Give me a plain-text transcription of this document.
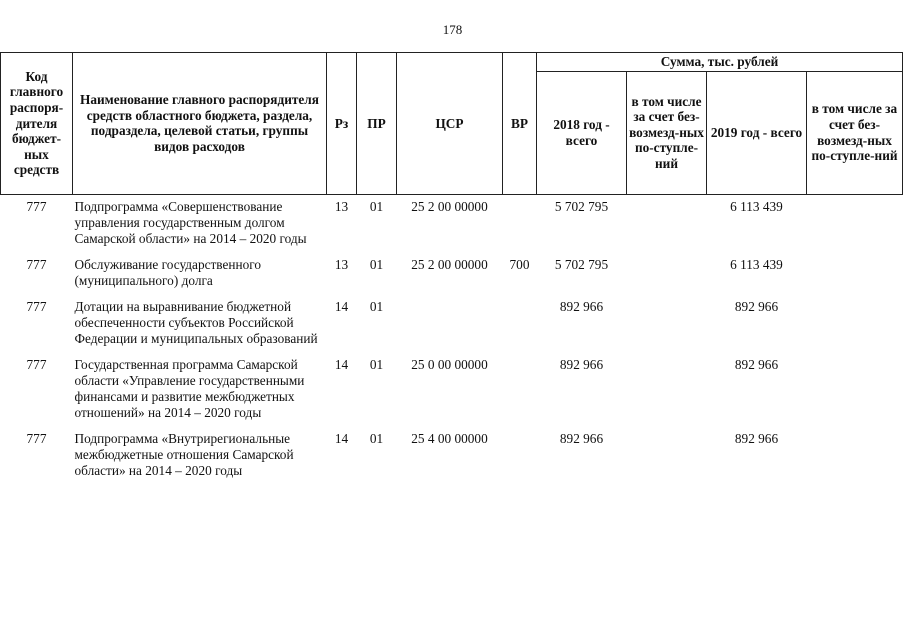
178
Код главного распоря-дителя бюджет-ных средств	Наименование главного распорядителя средств областного бюджета, раздела, подраздела, целевой статьи, группы видов расходов	Рз	ПР	ЦСР	ВР	Сумма, тыс. рублей			
						2018 год - всего	в том числе за счет без-возмезд-ных по-ступле-ний	2019 год - всего	в том числе за счет без-возмезд-ных по-ступле-ний
777	Подпрограмма «Совершенствование управления государственным долгом Самарской области» на 2014 – 2020 годы	13	01	25 2 00 00000		5 702 795		6 113 439	
777	Обслуживание государственного (муниципального) долга	13	01	25 2 00 00000	700	5 702 795		6 113 439	
777	Дотации на выравнивание бюджетной обеспеченности субъектов Российской Федерации и муниципальных образований	14	01			892 966		892 966	
777	Государственная программа Самарской области «Управление государственными финансами и развитие межбюджетных отношений» на 2014 – 2020 годы	14	01	25 0 00 00000		892 966		892 966	
777	Подпрограмма «Внутрирегиональные межбюджетные отношения Самарской области» на 2014 – 2020 годы	14	01	25 4 00 00000		892 966		892 966	
